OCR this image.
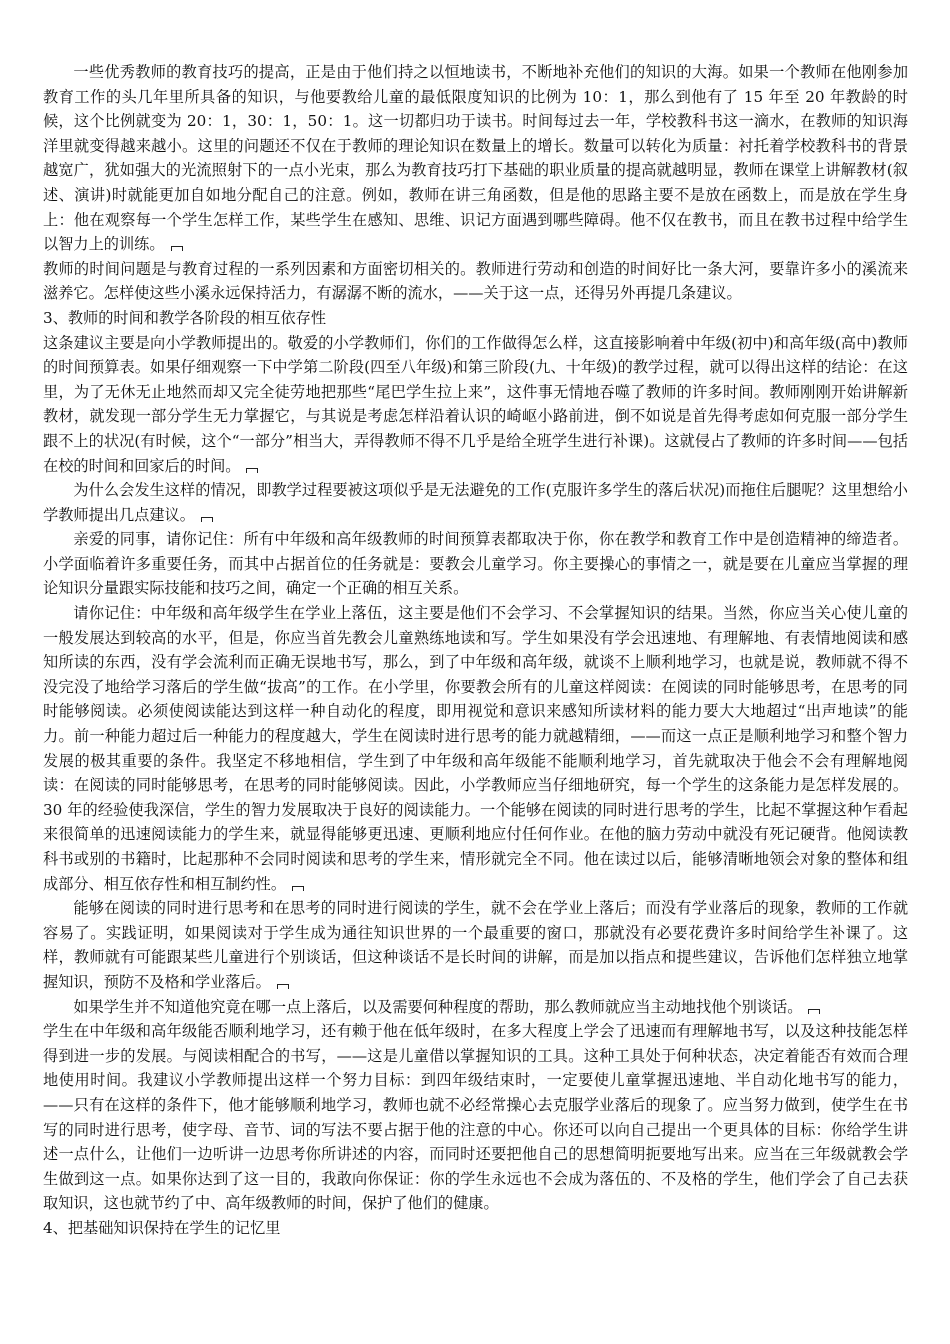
一些优秀教师的教育技巧的提高，正是由于他们持之以恒地读书，不断地补充他们的知识的大海。如果一个教师在他刚参加教育工作的头几年里所具备的知识，与他要教给儿童的最低限度知识的比例为 10：1，那么到他有了 15 年至 20 年教龄的时候，这个比例就变为 20：1，30：1，50：1。这一切都归功于读书。时间每过去一年，学校教科书这一滴水，在教师的知识海洋里就变得越来越小。这里的问题还不仅在于教师的理论知识在数量上的增长。数量可以转化为质量：衬托着学校教科书的背景越宽广，犹如强大的光流照射下的一点小光束，那么为教育技巧打下基础的职业质量的提高就越明显，教师在课堂上讲解教材(叙述、演讲)时就能更加自如地分配自己的注意。例如，教师在讲三角函数，但是他的思路主要不是放在函数上，而是放在学生身上：他在观察每一个学生怎样工作，某些学生在感知、思维、识记方面遇到哪些障碍。他不仅在教书，而且在教书过程中给学生以智力上的训练。

教师的时间问题是与教育过程的一系列因素和方面密切相关的。教师进行劳动和创造的时间好比一条大河，要靠许多小的溪流来滋养它。怎样使这些小溪永远保持活力，有潺潺不断的流水，——关于这一点，还得另外再提几条建议。

3、教师的时间和教学各阶段的相互依存性

这条建议主要是向小学教师提出的。敬爱的小学教师们，你们的工作做得怎么样，这直接影响着中年级(初中)和高年级(高中)教师的时间预算表。如果仔细观察一下中学第二阶段(四至八年级)和第三阶段(九、十年级)的教学过程，就可以得出这样的结论：在这里，为了无休无止地然而却又完全徒劳地把那些“尾巴学生拉上来”，这件事无情地吞噬了教师的许多时间。教师刚刚开始讲解新教材，就发现一部分学生无力掌握它，与其说是考虑怎样沿着认识的崎岖小路前进，倒不如说是首先得考虑如何克服一部分学生跟不上的状况(有时候，这个“一部分”相当大，弄得教师不得不几乎是给全班学生进行补课)。这就侵占了教师的许多时间——包括在校的时间和回家后的时间。

为什么会发生这样的情况，即教学过程要被这项似乎是无法避免的工作(克服许多学生的落后状况)而拖住后腿呢？这里想给小学教师提出几点建议。

亲爱的同事，请你记住：所有中年级和高年级教师的时间预算表都取决于你，你在教学和教育工作中是创造精神的缔造者。小学面临着许多重要任务，而其中占据首位的任务就是：要教会儿童学习。你主要操心的事情之一，就是要在儿童应当掌握的理论知识分量跟实际技能和技巧之间，确定一个正确的相互关系。

请你记住：中年级和高年级学生在学业上落伍，这主要是他们不会学习、不会掌握知识的结果。当然，你应当关心使儿童的一般发展达到较高的水平，但是，你应当首先教会儿童熟练地读和写。学生如果没有学会迅速地、有理解地、有表情地阅读和感知所读的东西，没有学会流利而正确无误地书写，那么，到了中年级和高年级，就谈不上顺利地学习，也就是说，教师就不得不没完没了地给学习落后的学生做“拔高”的工作。在小学里，你要教会所有的儿童这样阅读：在阅读的同时能够思考，在思考的同时能够阅读。必须使阅读能达到这样一种自动化的程度，即用视觉和意识来感知所读材料的能力要大大地超过“出声地读”的能力。前一种能力超过后一种能力的程度越大，学生在阅读时进行思考的能力就越精细，——而这一点正是顺利地学习和整个智力发展的极其重要的条件。我坚定不移地相信，学生到了中年级和高年级能不能顺利地学习，首先就取决于他会不会有理解地阅读：在阅读的同时能够思考，在思考的同时能够阅读。因此，小学教师应当仔细地研究，每一个学生的这条能力是怎样发展的。30 年的经验使我深信，学生的智力发展取决于良好的阅读能力。一个能够在阅读的同时进行思考的学生，比起不掌握这种乍看起来很简单的迅速阅读能力的学生来，就显得能够更迅速、更顺利地应付任何作业。在他的脑力劳动中就没有死记硬背。他阅读教科书或别的书籍时，比起那种不会同时阅读和思考的学生来，情形就完全不同。他在读过以后，能够清晰地领会对象的整体和组成部分、相互依存性和相互制约性。

能够在阅读的同时进行思考和在思考的同时进行阅读的学生，就不会在学业上落后；而没有学业落后的现象，教师的工作就容易了。实践证明，如果阅读对于学生成为通往知识世界的一个最重要的窗口，那就没有必要花费许多时间给学生补课了。这样，教师就有可能跟某些儿童进行个别谈话，但这种谈话不是长时间的讲解，而是加以指点和提些建议，告诉他们怎样独立地掌握知识，预防不及格和学业落后。

如果学生并不知道他究竟在哪一点上落后，以及需要何种程度的帮助，那么教师就应当主动地找他个别谈话。

学生在中年级和高年级能否顺利地学习，还有赖于他在低年级时，在多大程度上学会了迅速而有理解地书写，以及这种技能怎样得到进一步的发展。与阅读相配合的书写，——这是儿童借以掌握知识的工具。这种工具处于何种状态，决定着能否有效而合理地使用时间。我建议小学教师提出这样一个努力目标：到四年级结束时，一定要使儿童掌握迅速地、半自动化地书写的能力，——只有在这样的条件下，他才能够顺利地学习，教师也就不必经常操心去克服学业落后的现象了。应当努力做到，使学生在书写的同时进行思考，使字母、音节、词的写法不要占据于他的注意的中心。你还可以向自己提出一个更具体的目标：你给学生讲述一点什么，让他们一边听讲一边思考你所讲述的内容，而同时还要把他自己的思想简明扼要地写出来。应当在三年级就教会学生做到这一点。如果你达到了这一目的，我敢向你保证：你的学生永远也不会成为落伍的、不及格的学生，他们学会了自己去获取知识，这也就节约了中、高年级教师的时间，保护了他们的健康。

4、把基础知识保持在学生的记忆里
